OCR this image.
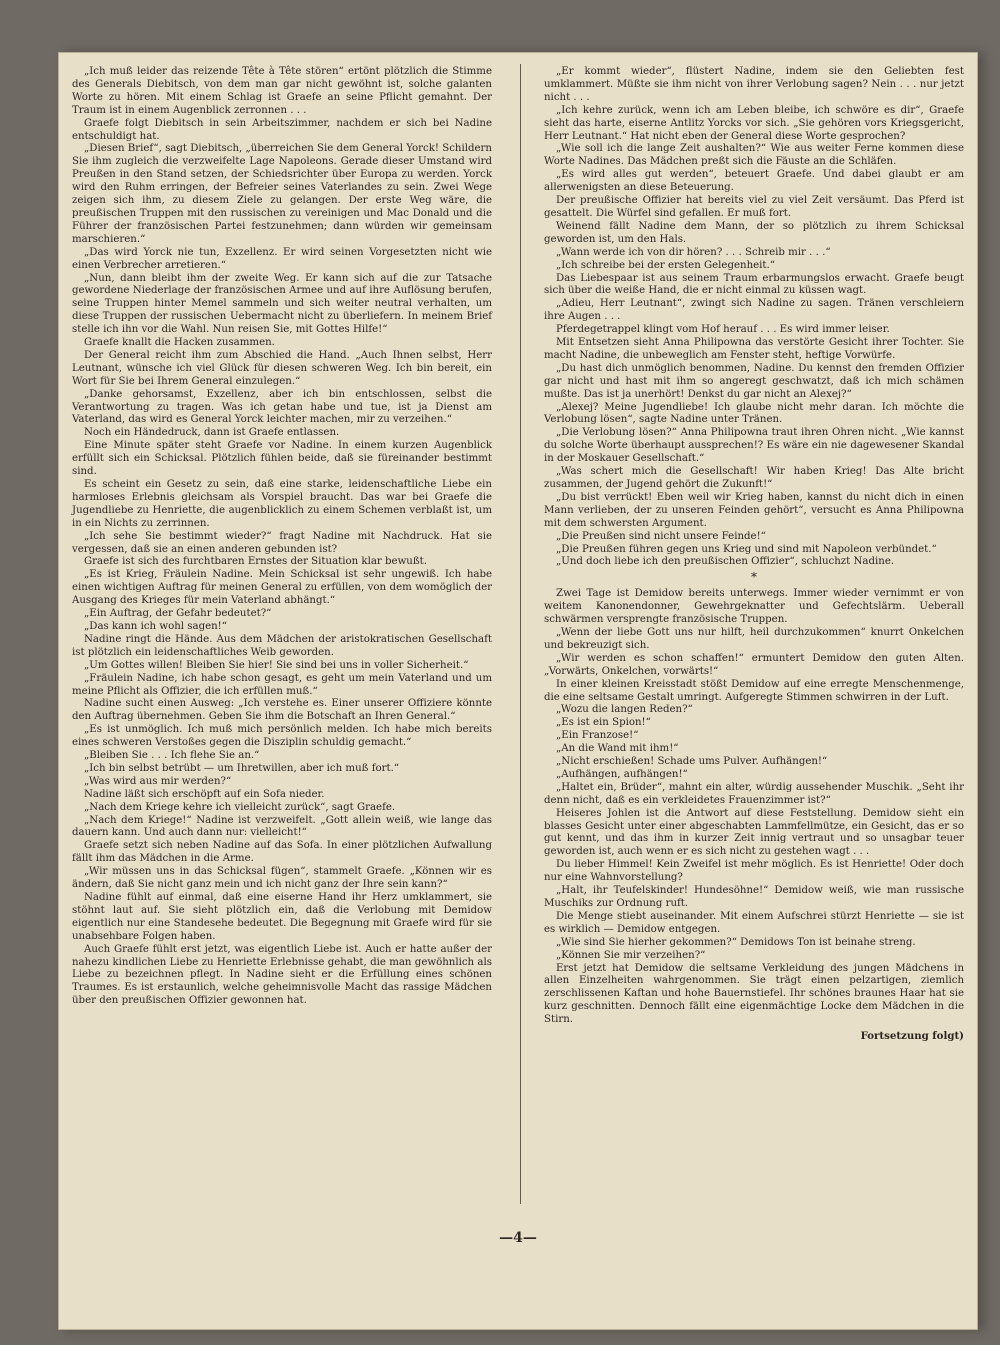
„Ich muß leider das reizende Tête à Tête stören“ ertönt plötzlich die Stimme des Generals Diebitsch, von dem man gar nicht gewöhnt ist, solche galanten Worte zu hören. Mit einem Schlag ist Graefe an seine Pflicht gemahnt. Der Traum ist in einem Augenblick zerronnen . . .

Graefe folgt Diebitsch in sein Arbeitszimmer, nachdem er sich bei Nadine entschuldigt hat.

„Diesen Brief“, sagt Diebitsch, „überreichen Sie dem General Yorck! Schildern Sie ihm zugleich die verzweifelte Lage Napoleons. Gerade dieser Umstand wird Preußen in den Stand setzen, der Schiedsrichter über Europa zu werden. Yorck wird den Ruhm erringen, der Befreier seines Vaterlandes zu sein. Zwei Wege zeigen sich ihm, zu diesem Ziele zu gelangen. Der erste Weg wäre, die preußischen Truppen mit den russischen zu vereinigen und Mac Donald und die Führer der französischen Partei festzunehmen; dann würden wir gemeinsam marschieren.“

„Das wird Yorck nie tun, Exzellenz. Er wird seinen Vorgesetzten nicht wie einen Verbrecher arretieren.“

„Nun, dann bleibt ihm der zweite Weg. Er kann sich auf die zur Tatsache gewordene Niederlage der französischen Armee und auf ihre Auflösung berufen, seine Truppen hinter Memel sammeln und sich weiter neutral verhalten, um diese Truppen der russischen Uebermacht nicht zu überliefern. In meinem Brief stelle ich ihn vor die Wahl. Nun reisen Sie, mit Gottes Hilfe!“

Graefe knallt die Hacken zusammen.

Der General reicht ihm zum Abschied die Hand. „Auch Ihnen selbst, Herr Leutnant, wünsche ich viel Glück für diesen schweren Weg. Ich bin bereit, ein Wort für Sie bei Ihrem General einzulegen.“

„Danke gehorsamst, Exzellenz, aber ich bin entschlossen, selbst die Verantwortung zu tragen. Was ich getan habe und tue, ist ja Dienst am Vaterland, das wird es General Yorck leichter machen, mir zu verzeihen.“

Noch ein Händedruck, dann ist Graefe entlassen.

Eine Minute später steht Graefe vor Nadine. In einem kurzen Augenblick erfüllt sich ein Schicksal. Plötzlich fühlen beide, daß sie füreinander bestimmt sind.

Es scheint ein Gesetz zu sein, daß eine starke, leidenschaftliche Liebe ein harmloses Erlebnis gleichsam als Vorspiel braucht. Das war bei Graefe die Jugendliebe zu Henriette, die augenblicklich zu einem Schemen verblaßt ist, um in ein Nichts zu zerrinnen.

„Ich sehe Sie bestimmt wieder?“ fragt Nadine mit Nachdruck. Hat sie vergessen, daß sie an einen anderen gebunden ist?

Graefe ist sich des furchtbaren Ernstes der Situation klar bewußt.

„Es ist Krieg, Fräulein Nadine. Mein Schicksal ist sehr ungewiß. Ich habe einen wichtigen Auftrag für meinen General zu erfüllen, von dem womöglich der Ausgang des Krieges für mein Vaterland abhängt.“

„Ein Auftrag, der Gefahr bedeutet?“

„Das kann ich wohl sagen!“

Nadine ringt die Hände. Aus dem Mädchen der aristokratischen Gesellschaft ist plötzlich ein leidenschaftliches Weib geworden.

„Um Gottes willen! Bleiben Sie hier! Sie sind bei uns in voller Sicherheit.“

„Fräulein Nadine, ich habe schon gesagt, es geht um mein Vaterland und um meine Pflicht als Offizier, die ich erfüllen muß.“

Nadine sucht einen Ausweg: „Ich verstehe es. Einer unserer Offiziere könnte den Auftrag übernehmen. Geben Sie ihm die Botschaft an Ihren General.“

„Es ist unmöglich. Ich muß mich persönlich melden. Ich habe mich bereits eines schweren Verstoßes gegen die Disziplin schuldig gemacht.“

„Bleiben Sie . . . Ich flehe Sie an.“

„Ich bin selbst betrübt — um Ihretwillen, aber ich muß fort.“

„Was wird aus mir werden?“

Nadine läßt sich erschöpft auf ein Sofa nieder.

„Nach dem Kriege kehre ich vielleicht zurück“, sagt Graefe.

„Nach dem Kriege!“ Nadine ist verzweifelt. „Gott allein weiß, wie lange das dauern kann. Und auch dann nur: vielleicht!“

Graefe setzt sich neben Nadine auf das Sofa. In einer plötzlichen Aufwallung fällt ihm das Mädchen in die Arme.

„Wir müssen uns in das Schicksal fügen“, stammelt Graefe. „Können wir es ändern, daß Sie nicht ganz mein und ich nicht ganz der Ihre sein kann?“

Nadine fühlt auf einmal, daß eine eiserne Hand ihr Herz umklammert, sie stöhnt laut auf. Sie sieht plötzlich ein, daß die Verlobung mit Demidow eigentlich nur eine Standesehe bedeutet. Die Begegnung mit Graefe wird für sie unabsehbare Folgen haben.

Auch Graefe fühlt erst jetzt, was eigentlich Liebe ist. Auch er hatte außer der nahezu kindlichen Liebe zu Henriette Erlebnisse gehabt, die man gewöhnlich als Liebe zu bezeichnen pflegt. In Nadine sieht er die Erfüllung eines schönen Traumes. Es ist erstaunlich, welche geheimnisvolle Macht das rassige Mädchen über den preußischen Offizier gewonnen hat.

„Er kommt wieder“, flüstert Nadine, indem sie den Geliebten fest umklammert. Müßte sie ihm nicht von ihrer Verlobung sagen? Nein . . . nur jetzt nicht . . .

„Ich kehre zurück, wenn ich am Leben bleibe, ich schwöre es dir“, Graefe sieht das harte, eiserne Antlitz Yorcks vor sich. „Sie gehören vors Kriegsgericht, Herr Leutnant.“ Hat nicht eben der General diese Worte gesprochen?

„Wie soll ich die lange Zeit aushalten?“ Wie aus weiter Ferne kommen diese Worte Nadines. Das Mädchen preßt sich die Fäuste an die Schläfen.

„Es wird alles gut werden“, beteuert Graefe. Und dabei glaubt er am allerwenigsten an diese Beteuerung.

Der preußische Offizier hat bereits viel zu viel Zeit versäumt. Das Pferd ist gesattelt. Die Würfel sind gefallen. Er muß fort.

Weinend fällt Nadine dem Mann, der so plötzlich zu ihrem Schicksal geworden ist, um den Hals.

„Wann werde ich von dir hören? . . . Schreib mir . . .“

„Ich schreibe bei der ersten Gelegenheit.“

Das Liebespaar ist aus seinem Traum erbarmungslos erwacht. Graefe beugt sich über die weiße Hand, die er nicht einmal zu küssen wagt.

„Adieu, Herr Leutnant“, zwingt sich Nadine zu sagen. Tränen verschleiern ihre Augen . . .

Pferdegetrappel klingt vom Hof herauf . . . Es wird immer leiser.

Mit Entsetzen sieht Anna Philipowna das verstörte Gesicht ihrer Tochter. Sie macht Nadine, die unbeweglich am Fenster steht, heftige Vorwürfe.

„Du hast dich unmöglich benommen, Nadine. Du kennst den fremden Offizier gar nicht und hast mit ihm so angeregt geschwatzt, daß ich mich schämen mußte. Das ist ja unerhört! Denkst du gar nicht an Alexej?“

„Alexej? Meine Jugendliebe! Ich glaube nicht mehr daran. Ich möchte die Verlobung lösen“, sagte Nadine unter Tränen.

„Die Verlobung lösen?“ Anna Philipowna traut ihren Ohren nicht. „Wie kannst du solche Worte überhaupt aussprechen!? Es wäre ein nie dagewesener Skandal in der Moskauer Gesellschaft.“

„Was schert mich die Gesellschaft! Wir haben Krieg! Das Alte bricht zusammen, der Jugend gehört die Zukunft!“

„Du bist verrückt! Eben weil wir Krieg haben, kannst du nicht dich in einen Mann verlieben, der zu unseren Feinden gehört“, versucht es Anna Philipowna mit dem schwersten Argument.

„Die Preußen sind nicht unsere Feinde!“

„Die Preußen führen gegen uns Krieg und sind mit Napoleon verbündet.“

„Und doch liebe ich den preußischen Offizier“, schluchzt Nadine.

*

Zwei Tage ist Demidow bereits unterwegs. Immer wieder vernimmt er von weitem Kanonendonner, Gewehrgeknatter und Gefechtslärm. Ueberall schwärmen versprengte französische Truppen.

„Wenn der liebe Gott uns nur hilft, heil durchzukommen“ knurrt Onkelchen und bekreuzigt sich.

„Wir werden es schon schaffen!“ ermuntert Demidow den guten Alten. „Vorwärts, Onkelchen, vorwärts!“

In einer kleinen Kreisstadt stößt Demidow auf eine erregte Menschenmenge, die eine seltsame Gestalt umringt. Aufgeregte Stimmen schwirren in der Luft.

„Wozu die langen Reden?“

„Es ist ein Spion!“

„Ein Franzose!“

„An die Wand mit ihm!“

„Nicht erschießen! Schade ums Pulver. Aufhängen!“

„Aufhängen, aufhängen!“

„Haltet ein, Brüder“, mahnt ein alter, würdig aussehender Muschik. „Seht ihr denn nicht, daß es ein verkleidetes Frauenzimmer ist?“

Heiseres Johlen ist die Antwort auf diese Feststellung. Demidow sieht ein blasses Gesicht unter einer abgeschabten Lammfellmütze, ein Gesicht, das er so gut kennt, und das ihm in kurzer Zeit innig vertraut und so unsagbar teuer geworden ist, auch wenn er es sich nicht zu gestehen wagt . . .

Du lieber Himmel! Kein Zweifel ist mehr möglich. Es ist Henriette! Oder doch nur eine Wahnvorstellung?

„Halt, ihr Teufelskinder! Hundesöhne!“ Demidow weiß, wie man russische Muschiks zur Ordnung ruft.

Die Menge stiebt auseinander. Mit einem Aufschrei stürzt Henriette — sie ist es wirklich — Demidow entgegen.

„Wie sind Sie hierher gekommen?“ Demidows Ton ist beinahe streng.

„Können Sie mir verzeihen?“

Erst jetzt hat Demidow die seltsame Verkleidung des jungen Mädchens in allen Einzelheiten wahrgenommen. Sie trägt einen pelzartigen, ziemlich zerschlissenen Kaftan und hohe Bauernstiefel. Ihr schönes braunes Haar hat sie kurz geschnitten. Dennoch fällt eine eigenmächtige Locke dem Mädchen in die Stirn.

Fortsetzung folgt)
—4—
